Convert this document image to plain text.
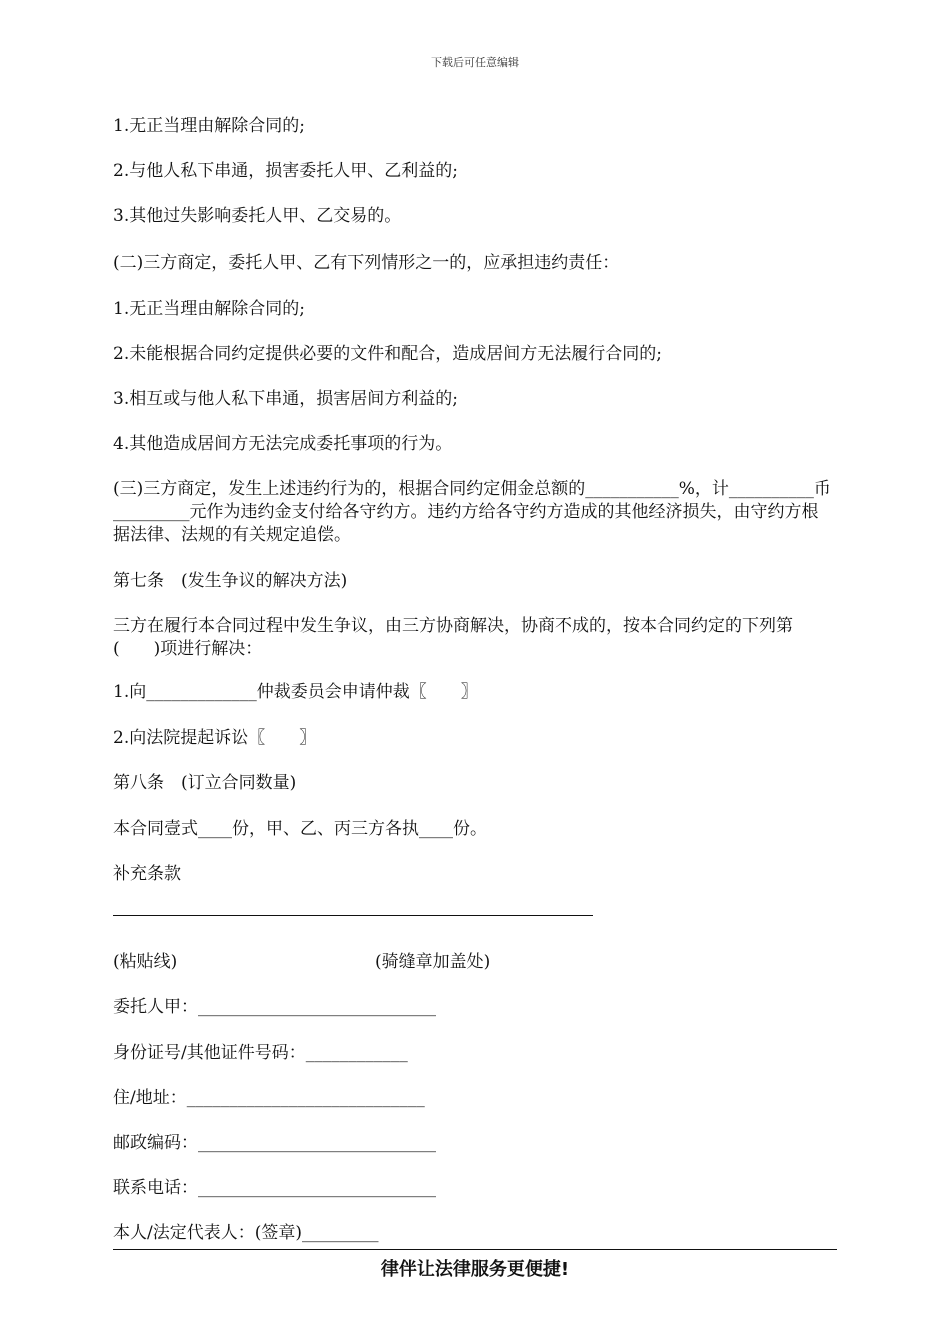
下载后可任意编辑

1.无正当理由解除合同的;

2.与他人私下串通，损害委托人甲、乙利益的;

3.其他过失影响委托人甲、乙交易的。

(二)三方商定，委托人甲、乙有下列情形之一的，应承担违约责任：

1.无正当理由解除合同的;

2.未能根据合同约定提供必要的文件和配合，造成居间方无法履行合同的;

3.相互或与他人私下串通，损害居间方利益的;

4.其他造成居间方无法完成委托事项的行为。

(三)三方商定，发生上述违约行为的，根据合同约定佣金总额的___________%，计__________币_________元作为违约金支付给各守约方。违约方给各守约方造成的其他经济损失，由守约方根据法律、法规的有关规定追偿。

第七条　(发生争议的解决方法)

三方在履行本合同过程中发生争议，由三方协商解决，协商不成的，按本合同约定的下列第(　　)项进行解决：

1.向_____________仲裁委员会申请仲裁〖　　〗

2.向法院提起诉讼〖　　〗

第八条　(订立合同数量)

本合同壹式____份，甲、乙、丙三方各执____份。

补充条款

(粘贴线)	(骑缝章加盖处)

委托人甲：____________________________

身份证号/其他证件号码：____________

住/地址：____________________________

邮政编码：____________________________

联系电话：____________________________

本人/法定代表人：(签章)_________

律伴让法律服务更便捷!
